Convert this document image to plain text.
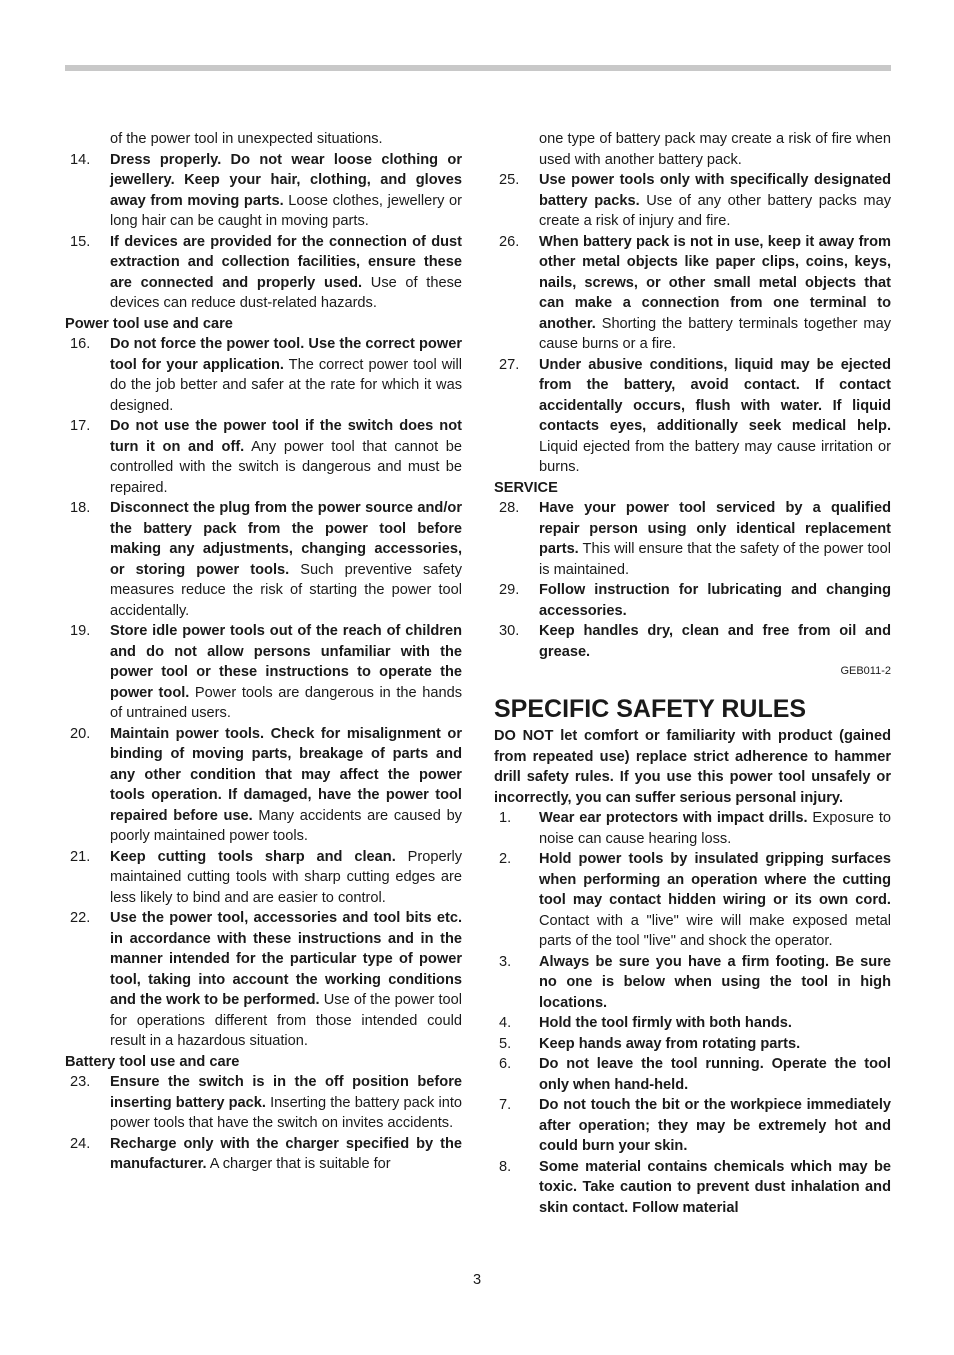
of the power tool in unexpected situations.
14.	Dress properly. Do not wear loose clothing or jewellery. Keep your hair, clothing, and gloves away from moving parts. Loose clothes, jewellery or long hair can be caught in moving parts.
15.	If devices are provided for the connection of dust extraction and collection facilities, ensure these are connected and properly used. Use of these devices can reduce dust-related hazards.
Power tool use and care
16.	Do not force the power tool. Use the correct power tool for your application. The correct power tool will do the job better and safer at the rate for which it was designed.
17.	Do not use the power tool if the switch does not turn it on and off. Any power tool that cannot be controlled with the switch is dangerous and must be repaired.
18.	Disconnect the plug from the power source and/or the battery pack from the power tool before making any adjustments, changing accessories, or storing power tools. Such preventive safety measures reduce the risk of starting the power tool accidentally.
19.	Store idle power tools out of the reach of children and do not allow persons unfamiliar with the power tool or these instructions to operate the power tool. Power tools are dangerous in the hands of untrained users.
20.	Maintain power tools. Check for misalignment or binding of moving parts, breakage of parts and any other condition that may affect the power tools operation. If damaged, have the power tool repaired before use. Many accidents are caused by poorly maintained power tools.
21.	Keep cutting tools sharp and clean. Properly maintained cutting tools with sharp cutting edges are less likely to bind and are easier to control.
22.	Use the power tool, accessories and tool bits etc. in accordance with these instructions and in the manner intended for the particular type of power tool, taking into account the working conditions and the work to be performed. Use of the power tool for operations different from those intended could result in a hazardous situation.
Battery tool use and care
23.	Ensure the switch is in the off position before inserting battery pack. Inserting the battery pack into power tools that have the switch on invites accidents.
24.	Recharge only with the charger specified by the manufacturer. A charger that is suitable for
one type of battery pack may create a risk of fire when used with another battery pack.
25.	Use power tools only with specifically designated battery packs. Use of any other battery packs may create a risk of injury and fire.
26.	When battery pack is not in use, keep it away from other metal objects like paper clips, coins, keys, nails, screws, or other small metal objects that can make a connection from one terminal to another. Shorting the battery terminals together may cause burns or a fire.
27.	Under abusive conditions, liquid may be ejected from the battery, avoid contact. If contact accidentally occurs, flush with water. If liquid contacts eyes, additionally seek medical help. Liquid ejected from the battery may cause irritation or burns.
SERVICE
28.	Have your power tool serviced by a qualified repair person using only identical replacement parts. This will ensure that the safety of the power tool is maintained.
29.	Follow instruction for lubricating and changing accessories.
30.	Keep handles dry, clean and free from oil and grease.
GEB011-2
SPECIFIC SAFETY RULES
DO NOT let comfort or familiarity with product (gained from repeated use) replace strict adherence to hammer drill safety rules. If you use this power tool unsafely or incorrectly, you can suffer serious personal injury.
1.	Wear ear protectors with impact drills. Exposure to noise can cause hearing loss.
2.	Hold power tools by insulated gripping surfaces when performing an operation where the cutting tool may contact hidden wiring or its own cord. Contact with a "live" wire will make exposed metal parts of the tool "live" and shock the operator.
3.	Always be sure you have a firm footing. Be sure no one is below when using the tool in high locations.
4.	Hold the tool firmly with both hands.
5.	Keep hands away from rotating parts.
6.	Do not leave the tool running. Operate the tool only when hand-held.
7.	Do not touch the bit or the workpiece immediately after operation; they may be extremely hot and could burn your skin.
8.	Some material contains chemicals which may be toxic. Take caution to prevent dust inhalation and skin contact. Follow material
3
